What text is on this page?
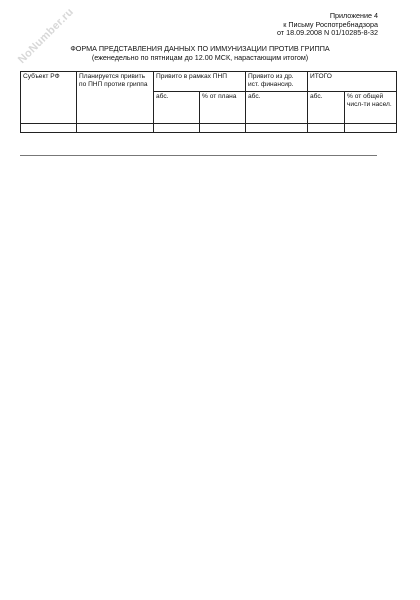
NoNumber.ru	Приложение 4
к Письму Роспотребнадзора
от 18.09.2008 N 01/10285-8-32
ФОРМА ПРЕДСТАВЛЕНИЯ ДАННЫХ ПО ИММУНИЗАЦИИ ПРОТИВ ГРИППА
(еженедельно по пятницам до 12.00 МСК, нарастающим итогом)
Субъект РФ	Планируется привить по ПНП против гриппа	Привито в рамках ПНП		Привито из др. ист. финансир.	ИТОГО	
		абс.	% от плана	абс.	абс.	% от общей числ-ти насел.
